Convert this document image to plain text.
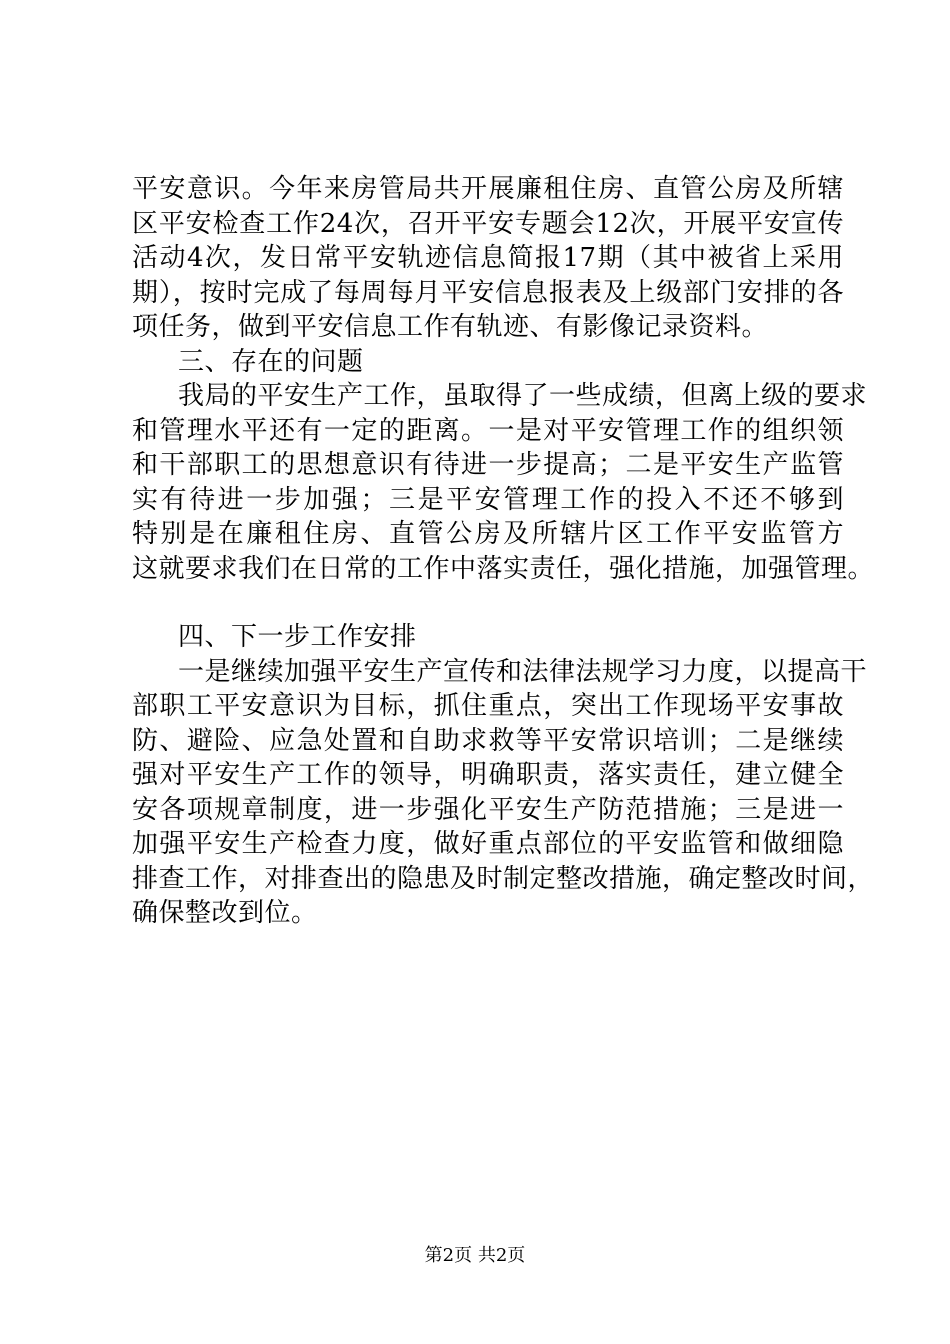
平安意识。今年来房管局共开展廉租住房、直管公房及所辖
区平安检查工作24次，召开平安专题会12次，开展平安宣传
活动4次，发日常平安轨迹信息简报17期（其中被省上采用
期），按时完成了每周每月平安信息报表及上级部门安排的各
项任务，做到平安信息工作有轨迹、有影像记录资料。
三、存在的问题
我局的平安生产工作，虽取得了一些成绩，但离上级的要求
和管理水平还有一定的距离。一是对平安管理工作的组织领
和干部职工的思想意识有待进一步提高；二是平安生产监管
实有待进一步加强；三是平安管理工作的投入不还不够到
特别是在廉租住房、直管公房及所辖片区工作平安监管方
这就要求我们在日常的工作中落实责任，强化措施，加强管理。
四、下一步工作安排
一是继续加强平安生产宣传和法律法规学习力度，以提高干
部职工平安意识为目标，抓住重点，突出工作现场平安事故
防、避险、应急处置和自助求救等平安常识培训；二是继续
强对平安生产工作的领导，明确职责，落实责任，建立健全
安各项规章制度，进一步强化平安生产防范措施；三是进一
加强平安生产检查力度，做好重点部位的平安监管和做细隐
排查工作，对排查出的隐患及时制定整改措施，确定整改时间，
确保整改到位。
第2页 共2页
